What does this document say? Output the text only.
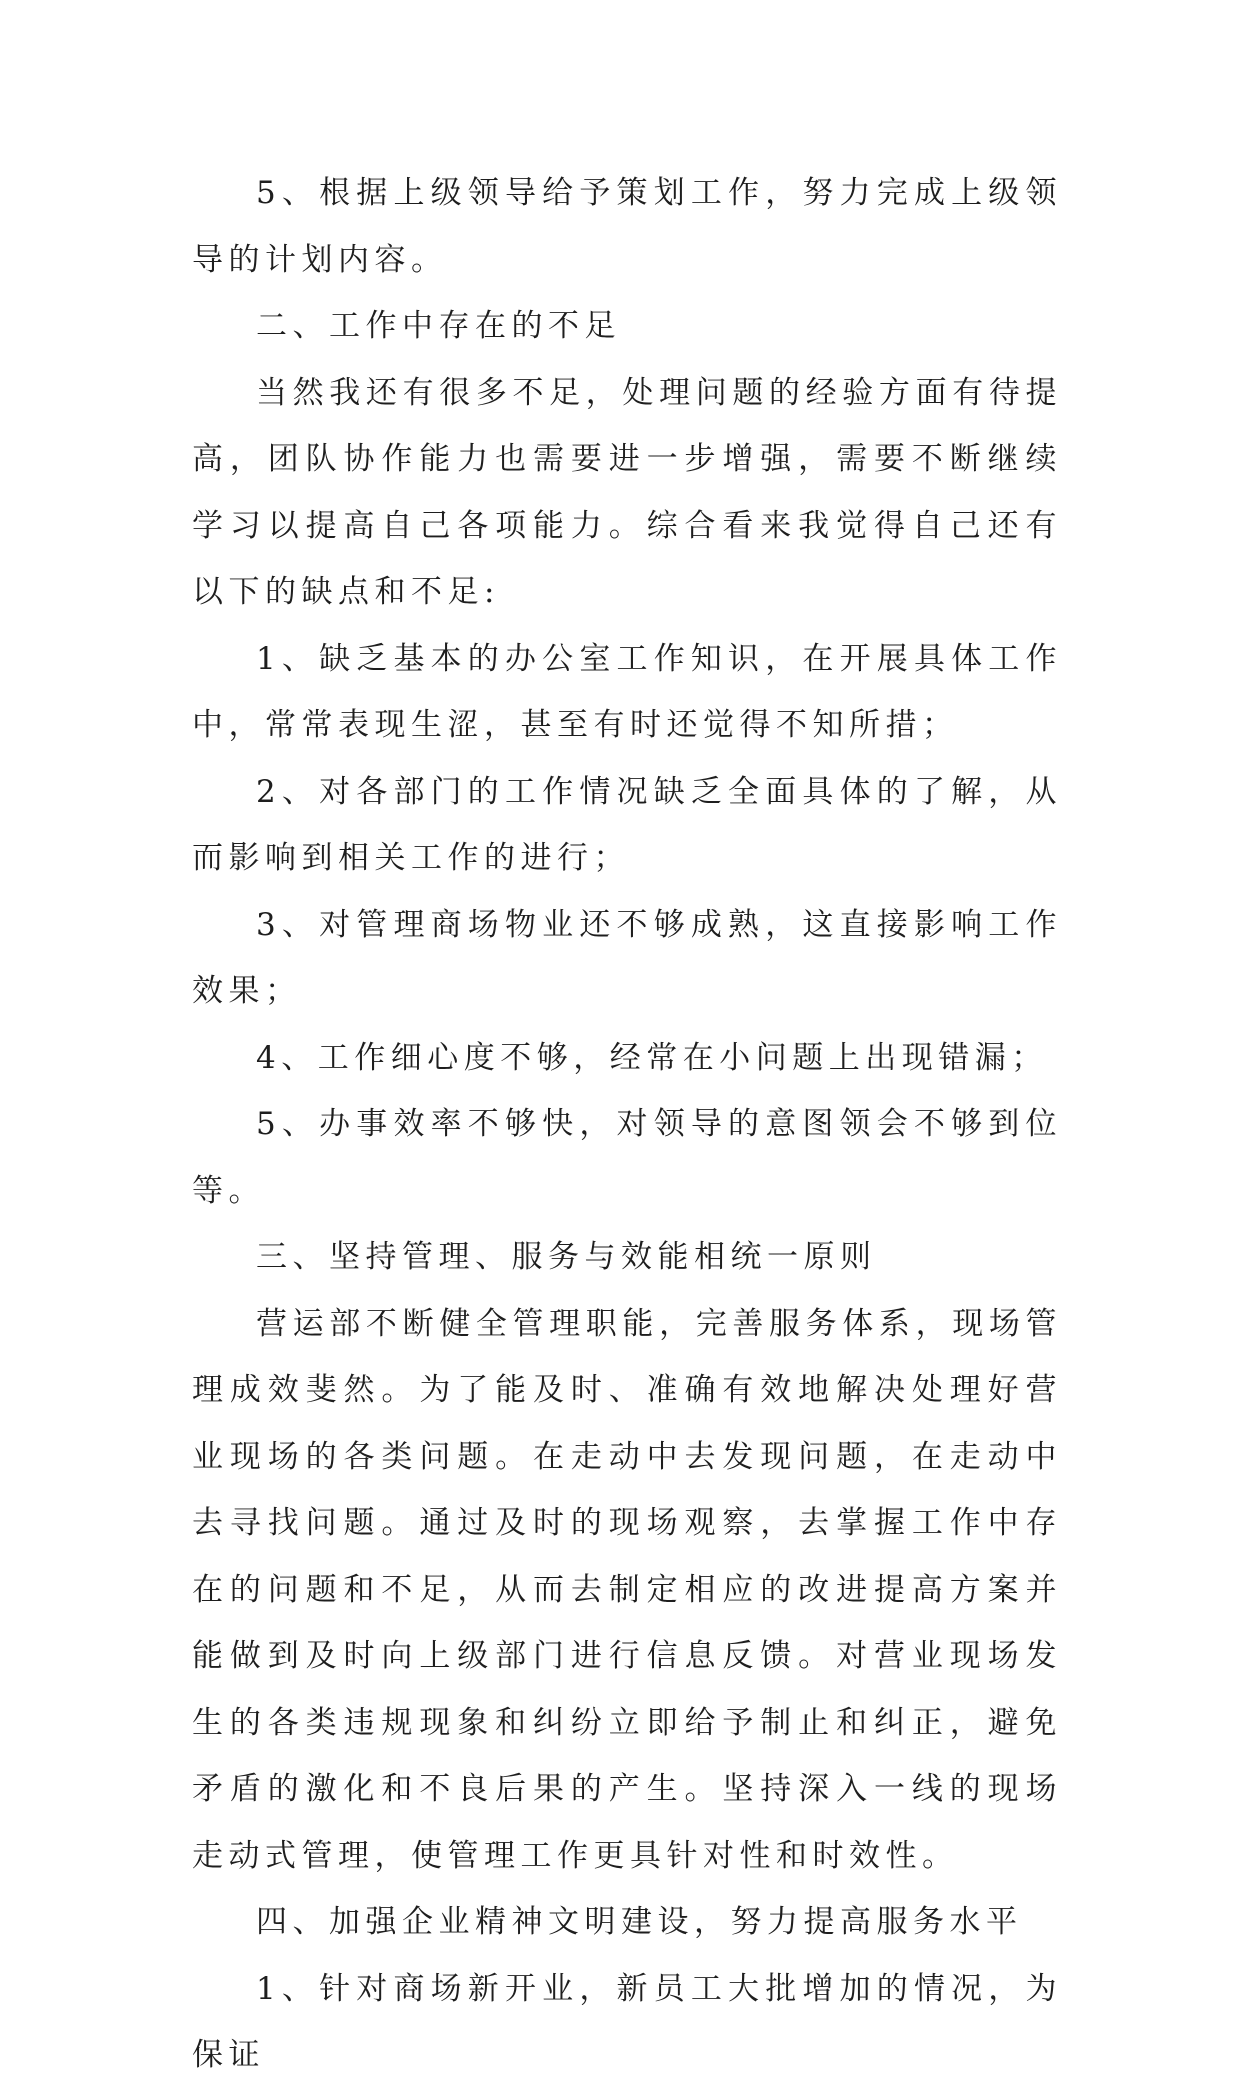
5、根据上级领导给予策划工作，努力完成上级领导的计划内容。

二、工作中存在的不足

当然我还有很多不足，处理问题的经验方面有待提高，团队协作能力也需要进一步增强，需要不断继续学习以提高自己各项能力。综合看来我觉得自己还有以下的缺点和不足:

1、缺乏基本的办公室工作知识，在开展具体工作中，常常表现生涩，甚至有时还觉得不知所措；

2、对各部门的工作情况缺乏全面具体的了解，从而影响到相关工作的进行；

3、对管理商场物业还不够成熟，这直接影响工作效果；

4、工作细心度不够，经常在小问题上出现错漏；

5、办事效率不够快，对领导的意图领会不够到位等。

三、坚持管理、服务与效能相统一原则

营运部不断健全管理职能，完善服务体系，现场管理成效斐然。为了能及时、准确有效地解决处理好营业现场的各类问题。在走动中去发现问题，在走动中去寻找问题。通过及时的现场观察，去掌握工作中存在的问题和不足，从而去制定相应的改进提高方案并能做到及时向上级部门进行信息反馈。对营业现场发生的各类违规现象和纠纷立即给予制止和纠正，避免矛盾的激化和不良后果的产生。坚持深入一线的现场走动式管理，使管理工作更具针对性和时效性。

四、加强企业精神文明建设，努力提高服务水平

1、针对商场新开业，新员工大批增加的情况，为保证
